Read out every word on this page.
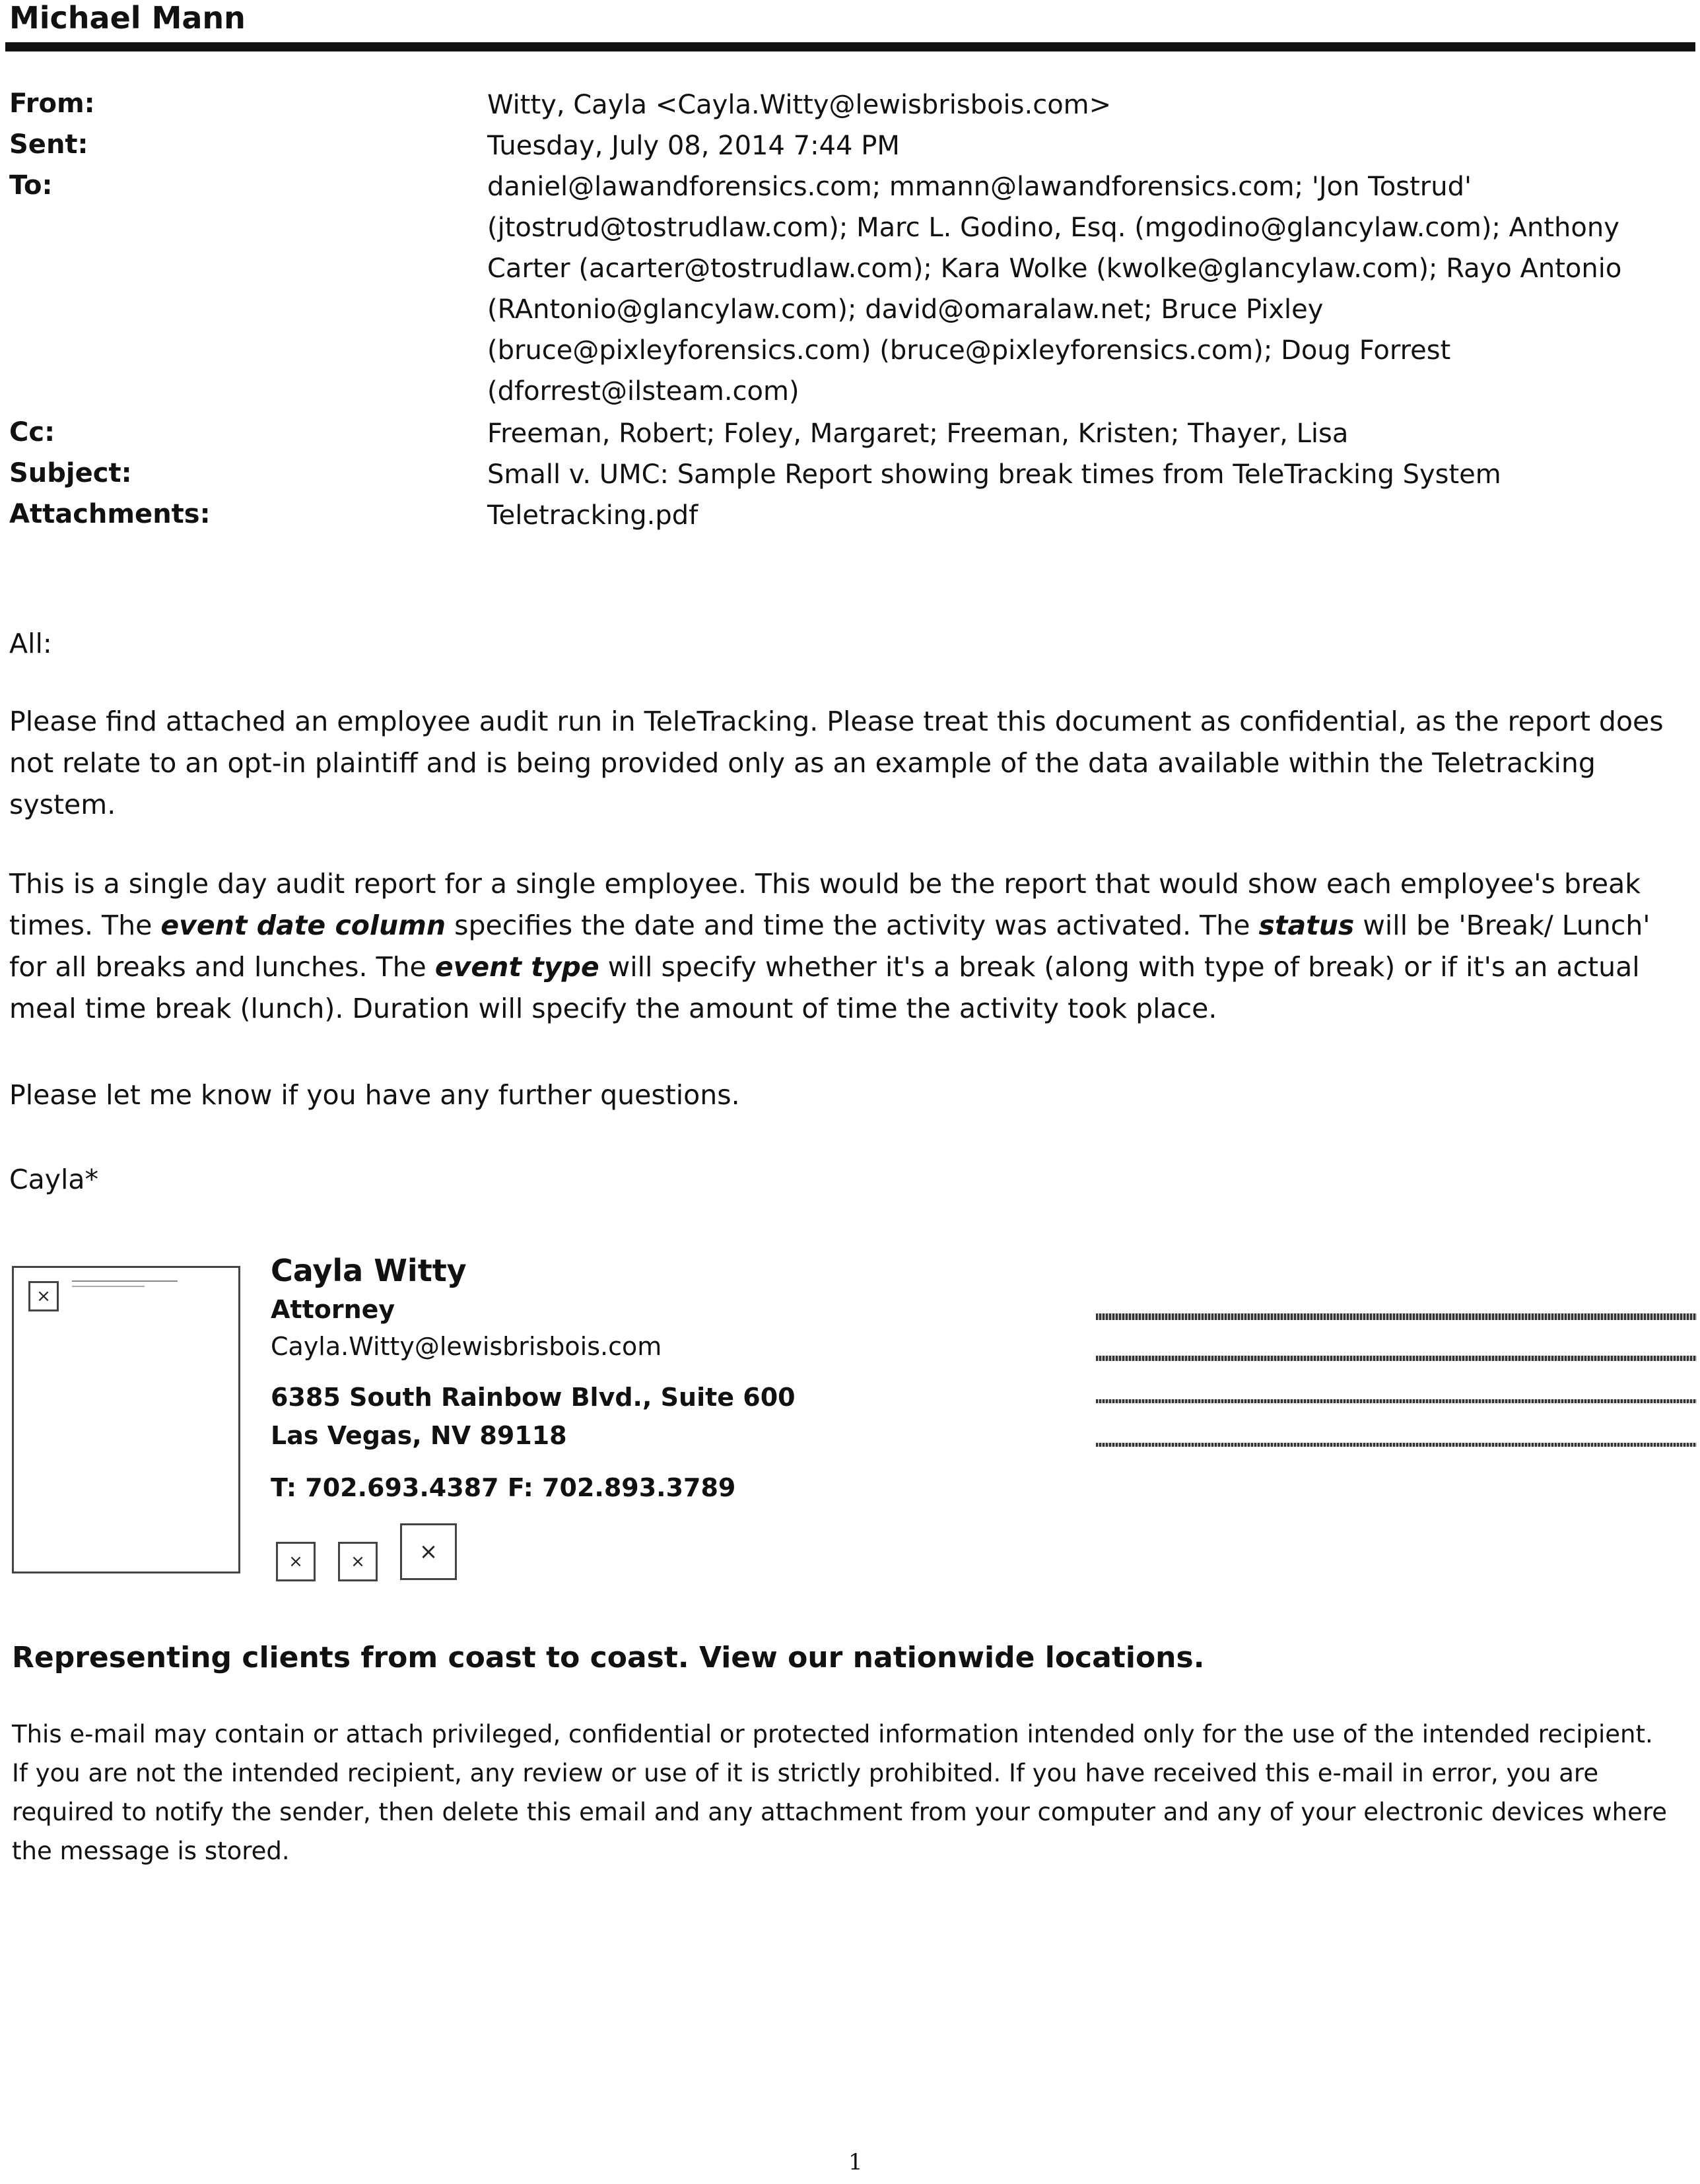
Michael Mann
From:	Witty, Cayla <Cayla.Witty@lewisbrisbois.com>
Sent:	Tuesday, July 08, 2014 7:44 PM
To:	daniel@lawandforensics.com; mmann@lawandforensics.com; 'Jon Tostrud' (jtostrud@tostrudlaw.com); Marc L. Godino, Esq. (mgodino@glancylaw.com); Anthony Carter (acarter@tostrudlaw.com); Kara Wolke (kwolke@glancylaw.com); Rayo Antonio (RAntonio@glancylaw.com); david@omaralaw.net; Bruce Pixley (bruce@pixleyforensics.com) (bruce@pixleyforensics.com); Doug Forrest (dforrest@ilsteam.com)
Cc:	Freeman, Robert; Foley, Margaret; Freeman, Kristen; Thayer, Lisa
Subject:	Small v. UMC: Sample Report showing break times from TeleTracking System
Attachments:	Teletracking.pdf
All:
Please find attached an employee audit run in TeleTracking. Please treat this document as confidential, as the report does not relate to an opt-in plaintiff and is being provided only as an example of the data available within the Teletracking system.
This is a single day audit report for a single employee. This would be the report that would show each employee's break times. The event date column specifies the date and time the activity was activated. The status will be 'Break/ Lunch' for all breaks and lunches. The event type will specify whether it's a break (along with type of break) or if it's an actual meal time break (lunch). Duration will specify the amount of time the activity took place.
Please let me know if you have any further questions.
Cayla*
×
Cayla Witty
Attorney
Cayla.Witty@lewisbrisbois.com
6385 South Rainbow Blvd., Suite 600
Las Vegas, NV 89118
T: 702.693.4387 F: 702.893.3789
×	×	×
Representing clients from coast to coast. View our nationwide locations.
This e-mail may contain or attach privileged, confidential or protected information intended only for the use of the intended recipient. If you are not the intended recipient, any review or use of it is strictly prohibited. If you have received this e-mail in error, you are required to notify the sender, then delete this email and any attachment from your computer and any of your electronic devices where the message is stored.
1
